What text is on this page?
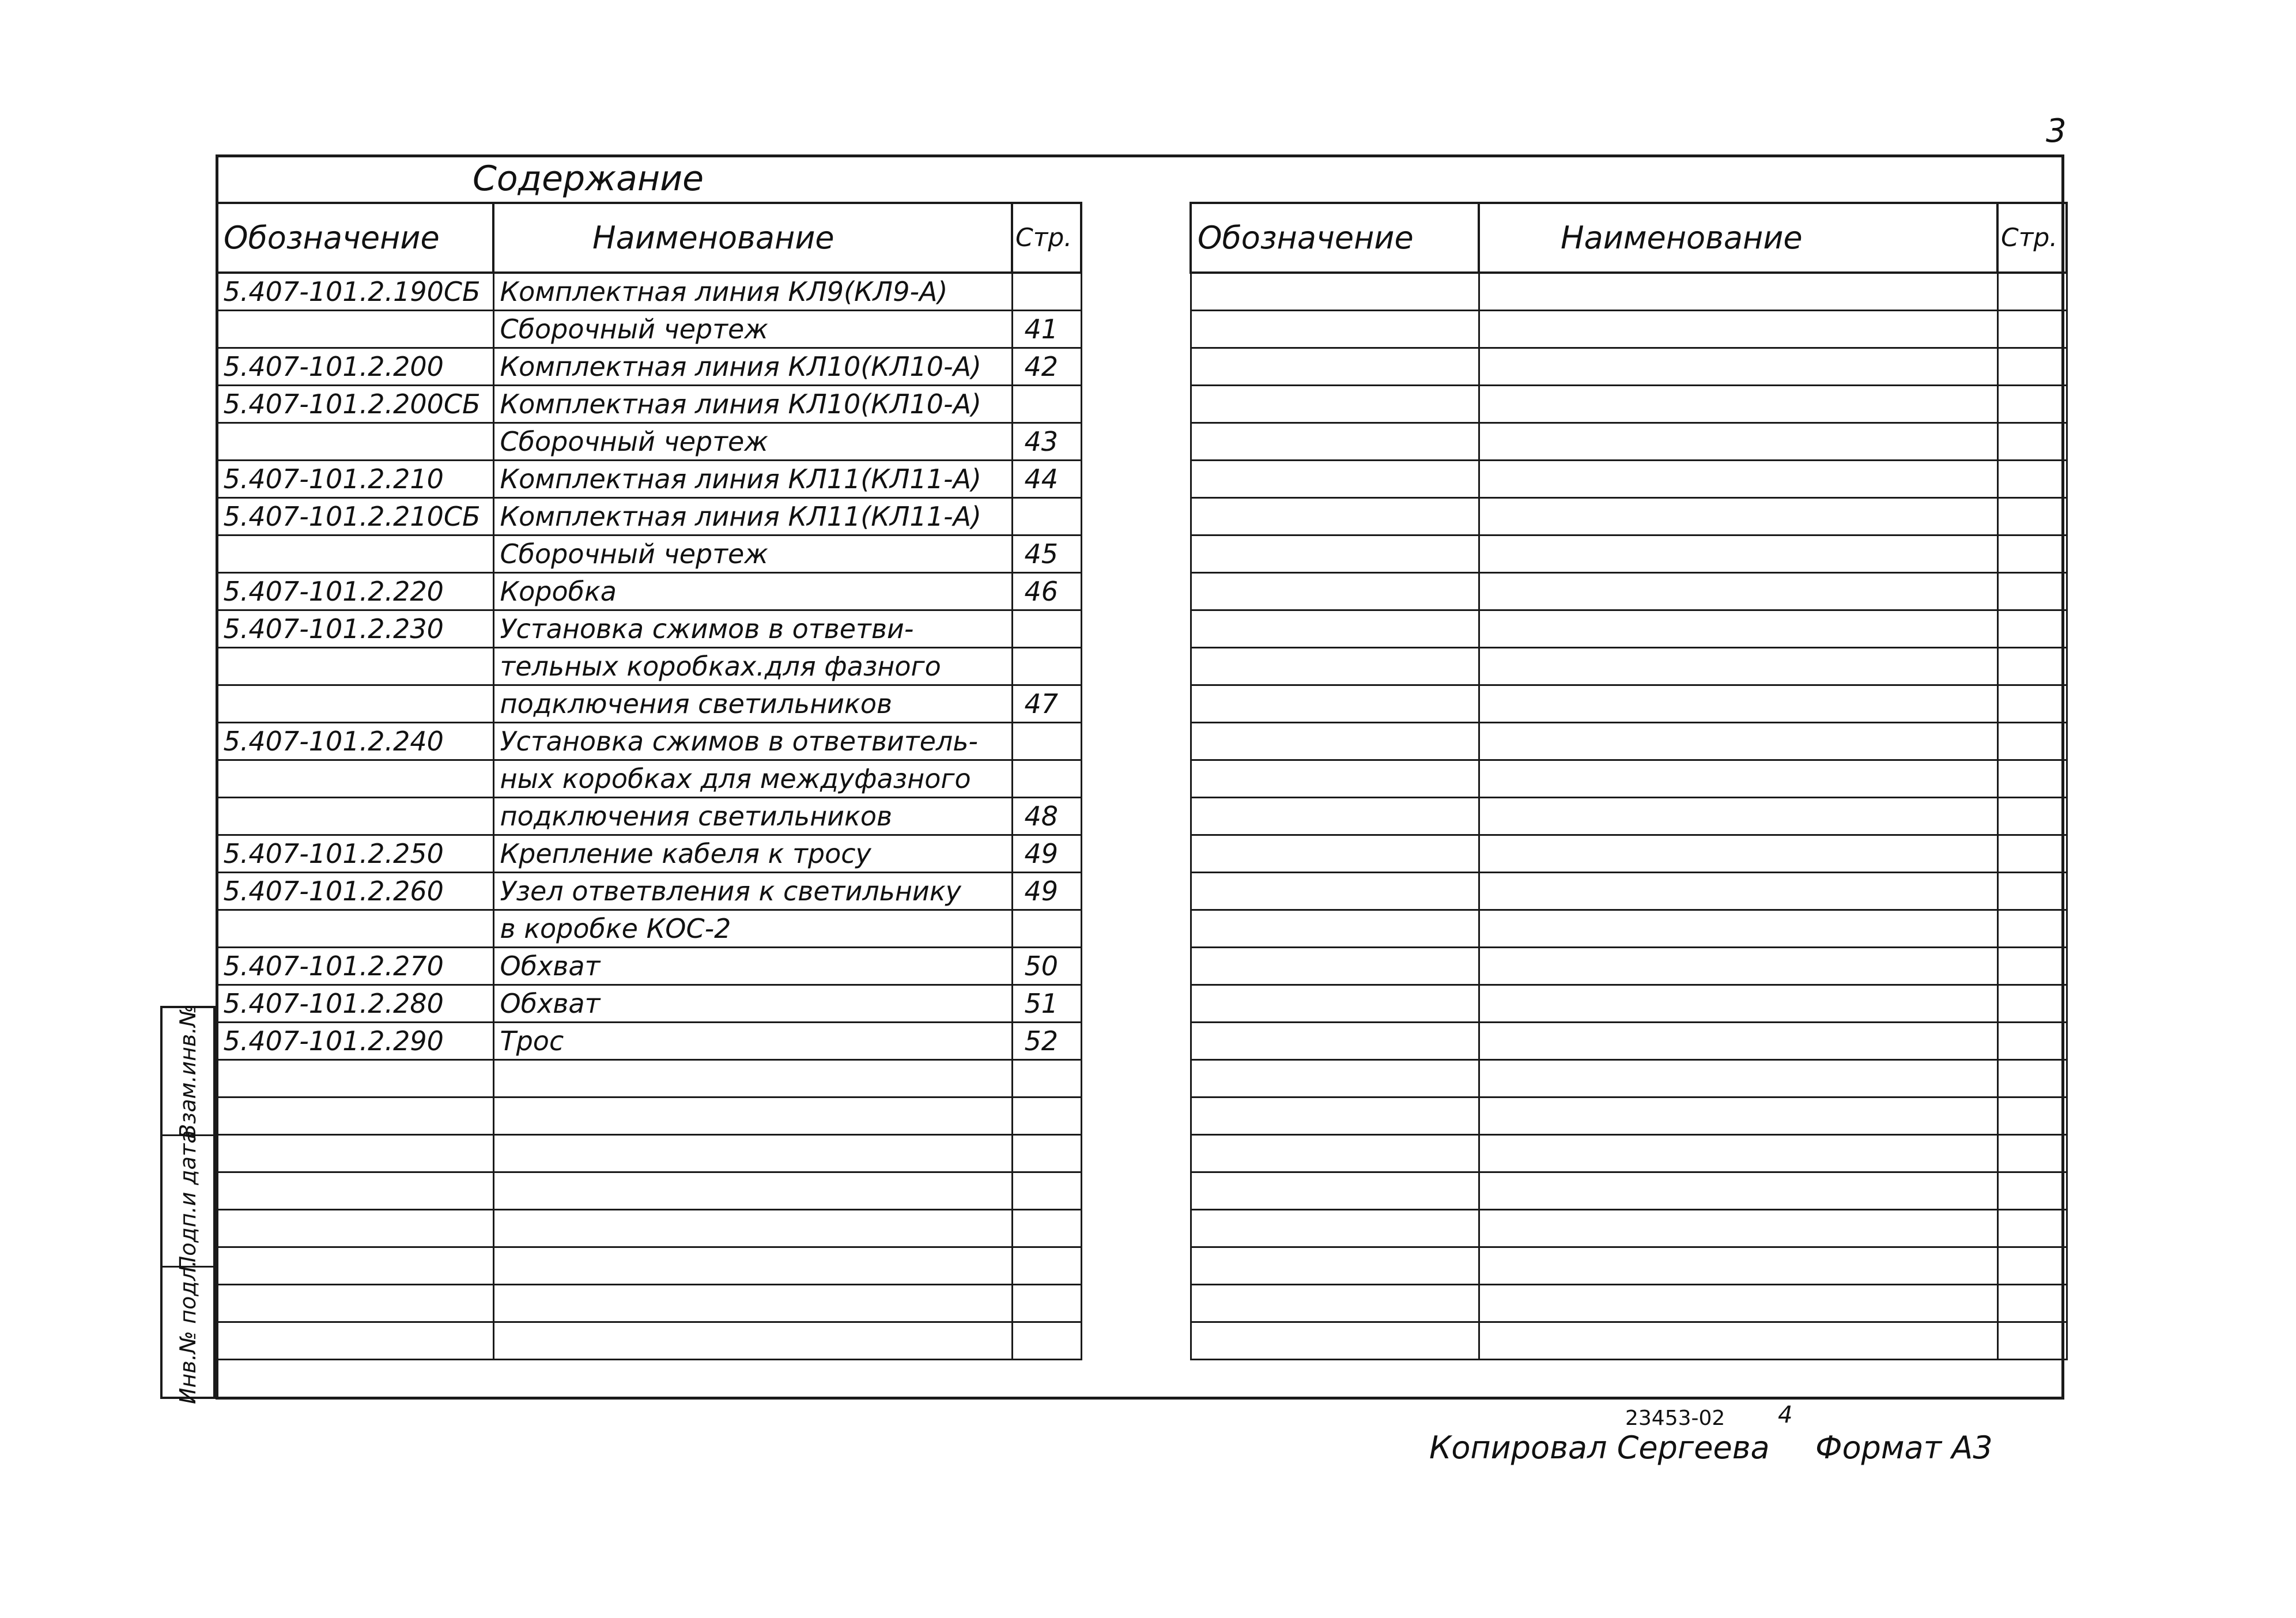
3
Содержание
Обозначение	Наименование	Стр.
5.407-101.2.190СБ	Комплектная линия КЛ9(КЛ9-А)	
	Сборочный чертеж	41
5.407-101.2.200	Комплектная линия КЛ10(КЛ10-А)	42
5.407-101.2.200СБ	Комплектная линия КЛ10(КЛ10-А)	
	Сборочный чертеж	43
5.407-101.2.210	Комплектная линия КЛ11(КЛ11-А)	44
5.407-101.2.210СБ	Комплектная линия КЛ11(КЛ11-А)	
	Сборочный чертеж	45
5.407-101.2.220	Коробка	46
5.407-101.2.230	Установка сжимов в ответви-	
	тельных коробках.для фазного	
	подключения светильников	47
5.407-101.2.240	Установка сжимов в ответвитель-	
	ных коробках для междуфазного	
	подключения светильников	48
5.407-101.2.250	Крепление кабеля к тросу	49
5.407-101.2.260	Узел ответвления к светильнику	49
	в коробке КОС-2	
5.407-101.2.270	Обхват	50
5.407-101.2.280	Обхват	51
5.407-101.2.290	Трос	52

Обозначение	Наименование	Стр.

Взам.инв.№
Подп.и дата
Инв.№ подл.
23453-02 4
Копировал Сергеева Формат А3
